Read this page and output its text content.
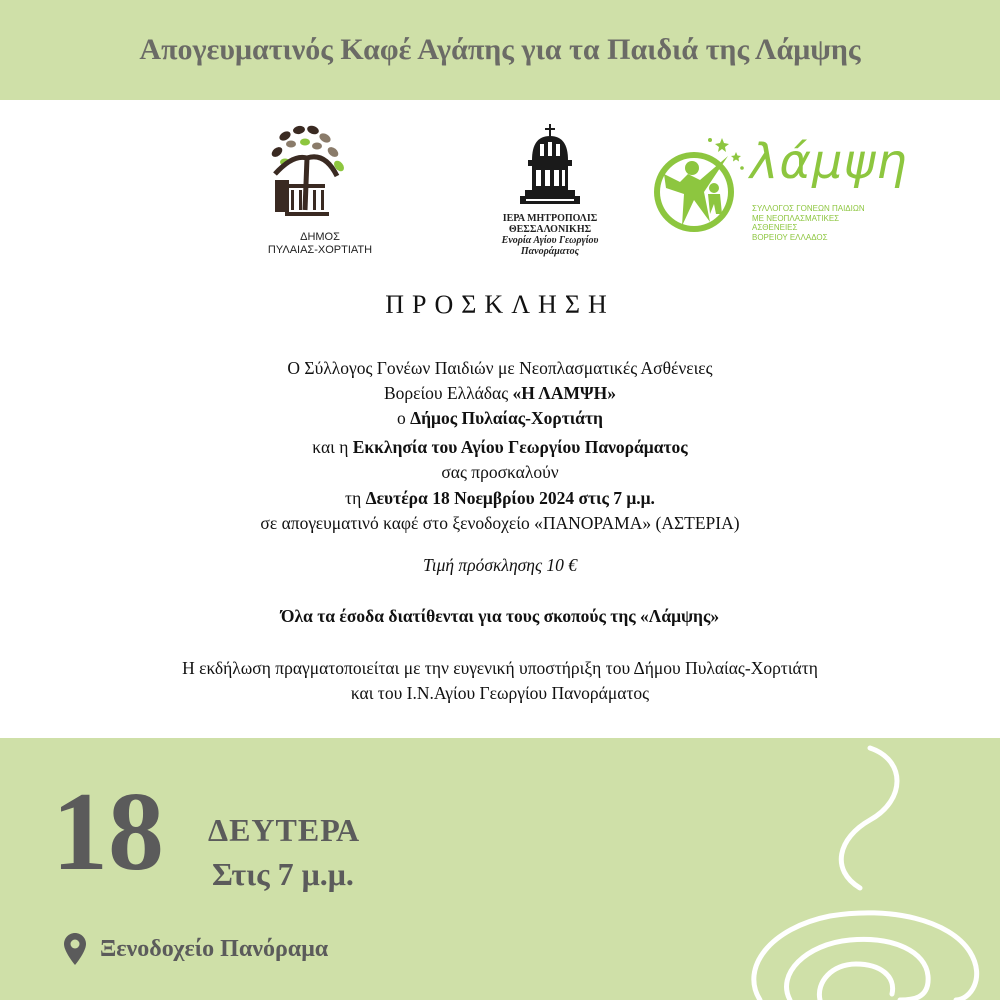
Απογευματινός Καφέ Αγάπης για τα Παιδιά της Λάμψης
ΔΗΜΟΣ
ΠΥΛΑΙΑΣ-ΧΟΡΤΙΑΤΗ
ΙΕΡΑ ΜΗΤΡΟΠΟΛΙΣ
ΘΕΣΣΑΛΟΝΙΚΗΣ
Ενορία Αγίου Γεωργίου
Πανοράματος
λάμψη
ΣΥΛΛΟΓΟΣ ΓΟΝΕΩΝ ΠΑΙΔΙΩΝ
ΜΕ ΝΕΟΠΛΑΣΜΑΤΙΚΕΣ ΑΣΘΕΝΕΙΕΣ
ΒΟΡΕΙΟΥ ΕΛΛΑΔΟΣ
ΠΡΟΣΚΛΗΣΗ
Ο Σύλλογος Γονέων Παιδιών με Νεοπλασματικές Ασθένειες
Βορείου Ελλάδας «Η ΛΑΜΨΗ»
ο Δήμος Πυλαίας-Χορτιάτη
και η Εκκλησία του Αγίου Γεωργίου Πανοράματος
σας προσκαλούν
τη Δευτέρα 18 Νοεμβρίου 2024 στις 7 μ.μ.
σε απογευματινό καφέ στο ξενοδοχείο «ΠΑΝΟΡΑΜΑ» (ΑΣΤΕΡΙΑ)
Τιμή πρόσκλησης 10 €
Όλα τα έσοδα διατίθενται για τους σκοπούς της «Λάμψης»
Η εκδήλωση πραγματοποιείται με την ευγενική υποστήριξη του Δήμου Πυλαίας-Χορτιάτη
και του Ι.Ν.Αγίου Γεωργίου Πανοράματος
18 ΔΕΥΤΕΡΑ
Στις 7 μ.μ.
Ξενοδοχείο Πανόραμα
